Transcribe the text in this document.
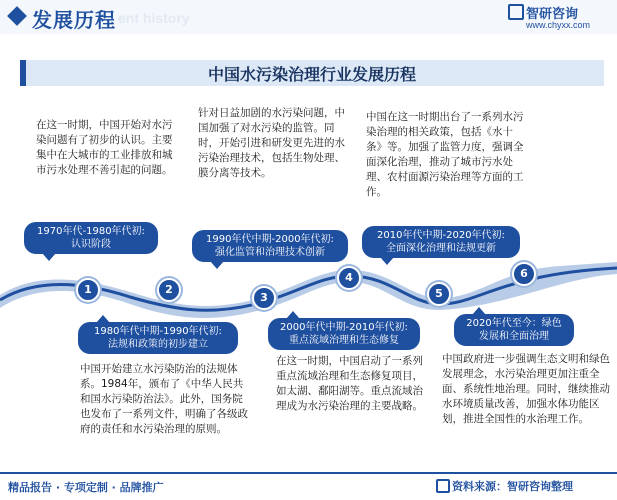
发展历程 ent history	智研咨询
www.chyxx.com
中国水污染治理行业发展历程
1	2
3
4
5
6
在这一时期，中国开始对水污染问题有了初步的认识。主要集中在大城市的工业排放和城市污水处理不善引起的问题。
1970年代-1980年代初:
认识阶段
1980年代中期-1990年代初:
法规和政策的初步建立
中国开始建立水污染防治的法规体系。1984年，颁布了《中华人民共和国水污染防治法》。此外，国务院也发布了一系列文件，明确了各级政府的责任和水污染治理的原则。
针对日益加剧的水污染问题，中国加强了对水污染的监管。同时，开始引进和研发更先进的水污染治理技术，包括生物处理、膜分离等技术。
1990年代中期-2000年代初:
强化监管和治理技术创新
2000年代中期-2010年代初:
重点流域治理和生态修复
在这一时期，中国启动了一系列重点流域治理和生态修复项目，如太湖、鄱阳湖等。重点流域治理成为水污染治理的主要战略。
中国在这一时期出台了一系列水污染治理的相关政策，包括《水十条》等。加强了监管力度，强调全面深化治理，推动了城市污水处理、农村面源污染治理等方面的工作。
2010年代中期-2020年代初:
全面深化治理和法规更新
2020年代至今：绿色
发展和全面治理
中国政府进一步强调生态文明和绿色发展理念，水污染治理更加注重全面、系统性地治理。同时，继续推动水环境质量改善，加强水体功能区划，推进全国性的水治理工作。
精品报告 · 专项定制 · 品牌推广	资料来源：智研咨询整理
